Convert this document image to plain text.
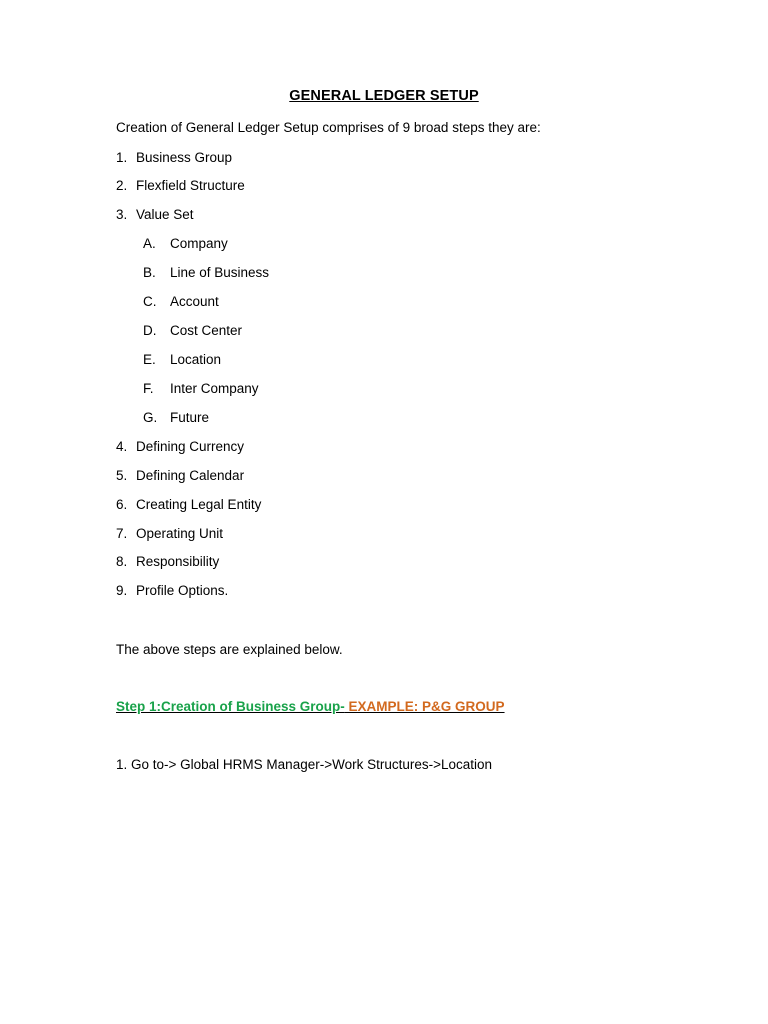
GENERAL LEDGER SETUP
Creation of General Ledger Setup comprises of 9 broad steps they are:
1. Business Group
2. Flexfield Structure
3. Value Set
A. Company
B. Line of Business
C. Account
D. Cost Center
E. Location
F. Inter Company
G. Future
4. Defining Currency
5. Defining Calendar
6. Creating Legal Entity
7. Operating Unit
8. Responsibility
9. Profile Options.
The above steps are explained below.
Step 1:Creation of Business Group- EXAMPLE: P&G GROUP
1. Go to-> Global HRMS Manager->Work Structures->Location
